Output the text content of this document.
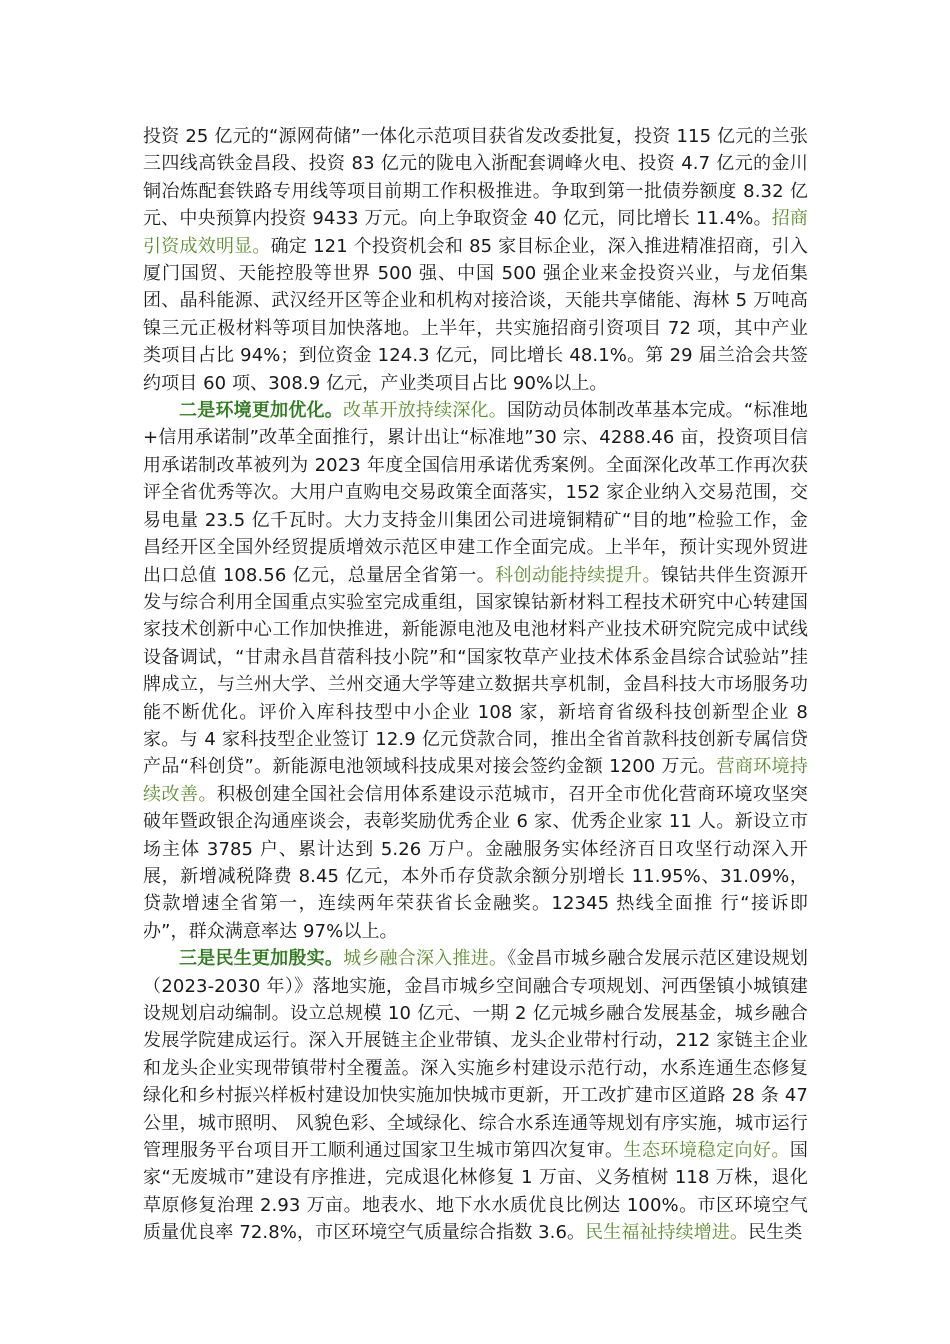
投资 25 亿元的“源网荷储”一体化示范项目获省发改委批复，投资 115 亿元的兰张三四线高铁金昌段、投资 83 亿元的陇电入浙配套调峰火电、投资 4.7 亿元的金川铜冶炼配套铁路专用线等项目前期工作积极推进。争取到第一批债券额度 8.32 亿元、中央预算内投资 9433 万元。向上争取资金 40 亿元，同比增长 11.4%。招商引资成效明显。确定 121 个投资机会和 85 家目标企业，深入推进精准招商，引入厦门国贸、天能控股等世界 500 强、中国 500 强企业来金投资兴业，与龙佰集团、晶科能源、武汉经开区等企业和机构对接洽谈，天能共享储能、海林 5 万吨高镍三元正极材料等项目加快落地。上半年，共实施招商引资项目 72 项，其中产业类项目占比 94%；到位资金 124.3 亿元，同比增长 48.1%。第 29 届兰洽会共签约项目 60 项、308.9 亿元，产业类项目占比 90%以上。

二是环境更加优化。改革开放持续深化。国防动员体制改革基本完成。“标准地+信用承诺制”改革全面推行，累计出让“标准地”30 宗、4288.46 亩，投资项目信用承诺制改革被列为 2023 年度全国信用承诺优秀案例。全面深化改革工作再次获评全省优秀等次。大用户直购电交易政策全面落实，152 家企业纳入交易范围，交易电量 23.5 亿千瓦时。大力支持金川集团公司进境铜精矿“目的地”检验工作，金昌经开区全国外经贸提质增效示范区申建工作全面完成。上半年，预计实现外贸进出口总值 108.56 亿元，总量居全省第一。科创动能持续提升。镍钴共伴生资源开发与综合利用全国重点实验室完成重组，国家镍钴新材料工程技术研究中心转建国家技术创新中心工作加快推进，新能源电池及电池材料产业技术研究院完成中试线设备调试，“甘肃永昌苜蓿科技小院”和“国家牧草产业技术体系金昌综合试验站”挂牌成立，与兰州大学、兰州交通大学等建立数据共享机制，金昌科技大市场服务功能不断优化。评价入库科技型中小企业 108 家，新培育省级科技创新型企业 8 家。与 4 家科技型企业签订 12.9 亿元贷款合同，推出全省首款科技创新专属信贷产品“科创贷”。新能源电池领域科技成果对接会签约金额 1200 万元。营商环境持续改善。积极创建全国社会信用体系建设示范城市，召开全市优化营商环境攻坚突破年暨政银企沟通座谈会，表彰奖励优秀企业 6 家、优秀企业家 11 人。新设立市场主体 3785 户、累计达到 5.26 万户。金融服务实体经济百日攻坚行动深入开展，新增减税降费 8.45 亿元，本外币存贷款余额分别增长 11.95%、31.09%，贷款增速全省第一，连续两年荣获省长金融奖。12345 热线全面推 行“接诉即办”，群众满意率达 97%以上。

三是民生更加殷实。城乡融合深入推进。《金昌市城乡融合发展示范区建设规划（2023-2030 年）》落地实施，金昌市城乡空间融合专项规划、河西堡镇小城镇建设规划启动编制。设立总规模 10 亿元、一期 2 亿元城乡融合发展基金，城乡融合发展学院建成运行。深入开展链主企业带镇、龙头企业带村行动，212 家链主企业和龙头企业实现带镇带村全覆盖。深入实施乡村建设示范行动，水系连通生态修复绿化和乡村振兴样板村建设加快实施加快城市更新，开工改扩建市区道路 28 条 47 公里，城市照明、 风貌色彩、全域绿化、综合水系连通等规划有序实施，城市运行管理服务平台项目开工顺利通过国家卫生城市第四次复审。生态环境稳定向好。国家“无废城市”建设有序推进，完成退化林修复 1 万亩、义务植树 118 万株，退化草原修复治理 2.93 万亩。地表水、地下水水质优良比例达 100%。市区环境空气质量优良率 72.8%，市区环境空气质量综合指数 3.6。民生福祉持续增进。民生类
